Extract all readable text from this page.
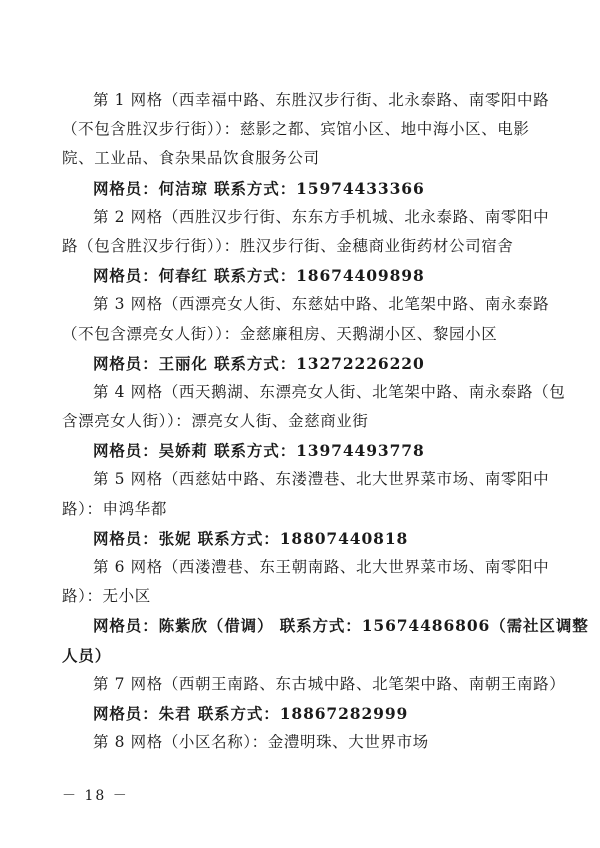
第 1 网格（西幸福中路、东胜汉步行街、北永泰路、南零阳中路
（不包含胜汉步行街））：慈影之都、宾馆小区、地中海小区、电影
院、工业品、食杂果品饮食服务公司
网格员：何洁琼 联系方式：15974433366
第 2 网格（西胜汉步行街、东东方手机城、北永泰路、南零阳中
路（包含胜汉步行街））：胜汉步行街、金穗商业街药材公司宿舍
网格员：何春红 联系方式：18674409898
第 3 网格（西漂亮女人街、东慈姑中路、北笔架中路、南永泰路
（不包含漂亮女人街））：金慈廉租房、天鹅湖小区、黎园小区
网格员：王丽化 联系方式：13272226220
第 4 网格（西天鹅湖、东漂亮女人街、北笔架中路、南永泰路（包
含漂亮女人街））：漂亮女人街、金慈商业街
网格员：吴娇莉 联系方式：13974493778
第 5 网格（西慈姑中路、东溇澧巷、北大世界菜市场、南零阳中
路）：申鸿华都
网格员：张妮 联系方式：18807440818
第 6 网格（西溇澧巷、东王朝南路、北大世界菜市场、南零阳中
路）：无小区
网格员：陈紫欣（借调） 联系方式：15674486806（需社区调整
人员）
第 7 网格（西朝王南路、东古城中路、北笔架中路、南朝王南路）
网格员：朱君 联系方式：18867282999
第 8 网格（小区名称）：金澧明珠、大世界市场
－ 18 －
